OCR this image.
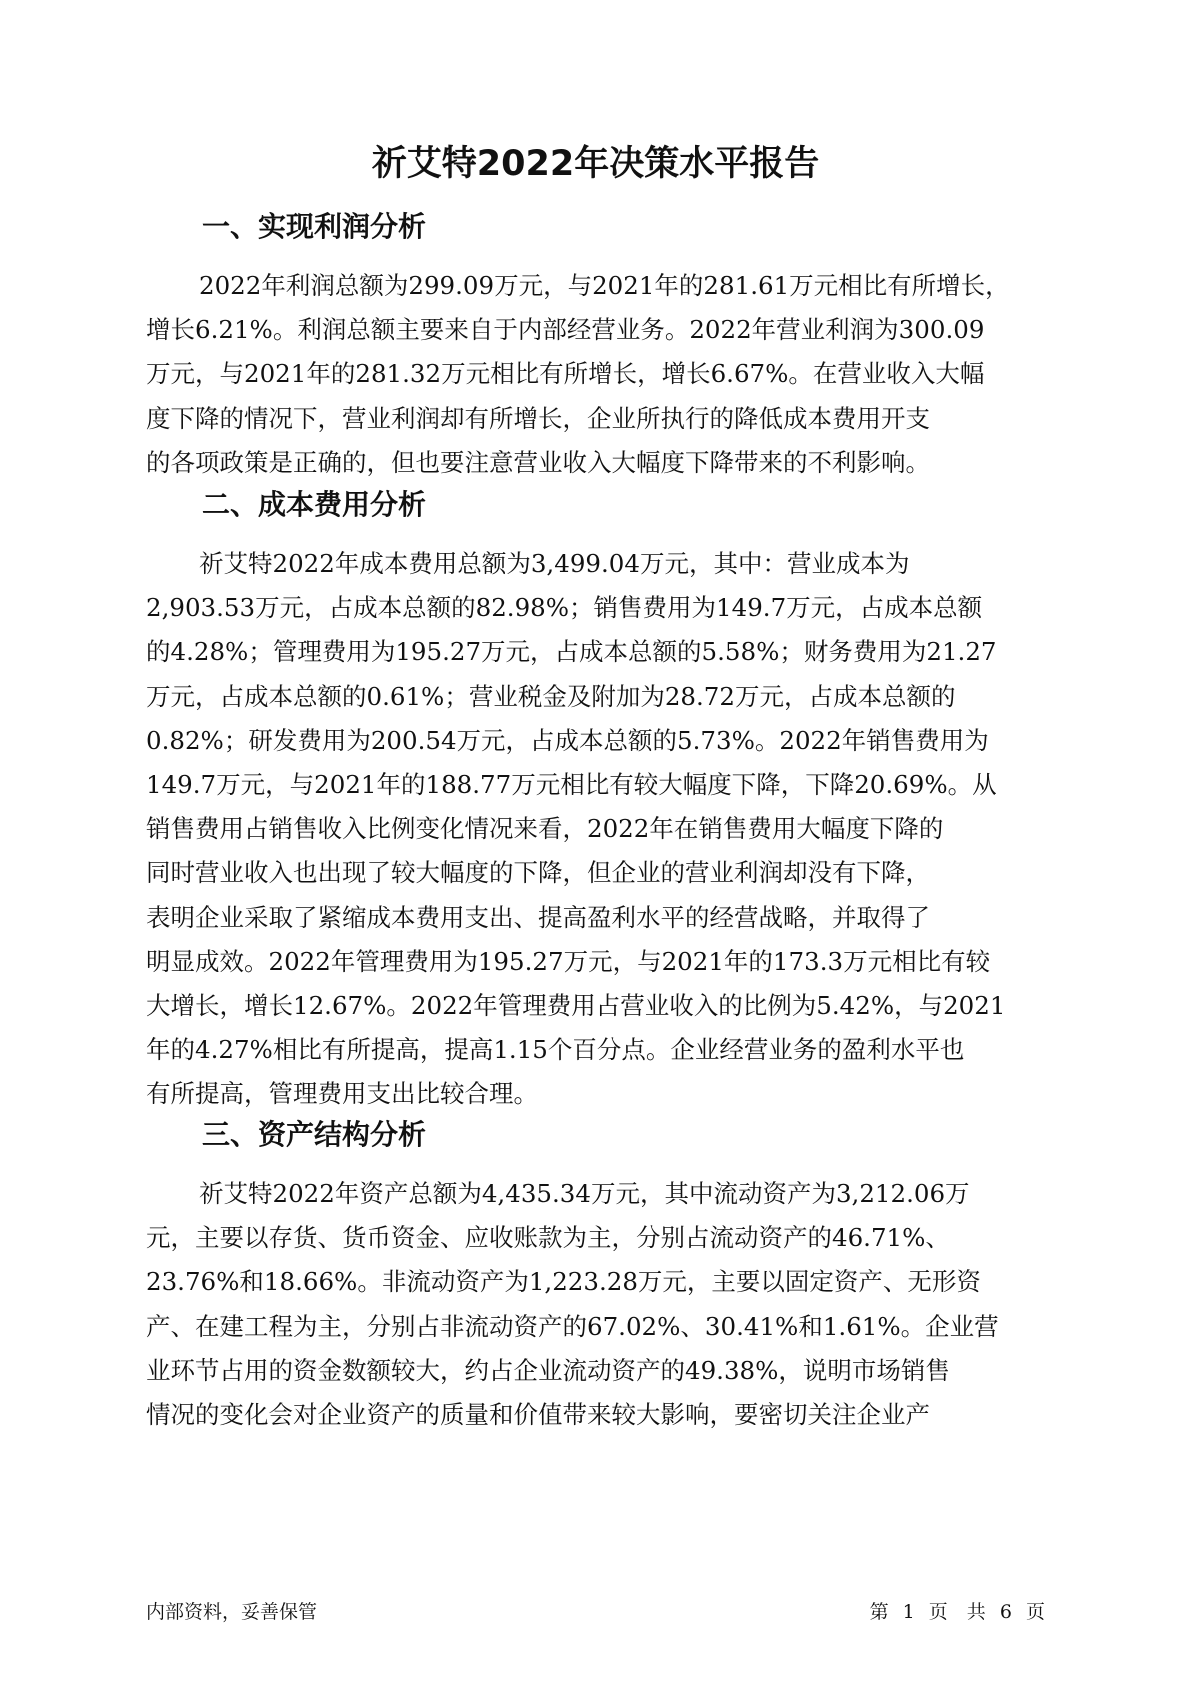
祈艾特2022年决策水平报告
一、实现利润分析
2022年利润总额为299.09万元，与2021年的281.61万元相比有所增长，
增长6.21%。利润总额主要来自于内部经营业务。2022年营业利润为300.09
万元，与2021年的281.32万元相比有所增长，增长6.67%。在营业收入大幅
度下降的情况下，营业利润却有所增长，企业所执行的降低成本费用开支
的各项政策是正确的，但也要注意营业收入大幅度下降带来的不利影响。
二、成本费用分析
祈艾特2022年成本费用总额为3,499.04万元，其中：营业成本为
2,903.53万元，占成本总额的82.98%；销售费用为149.7万元，占成本总额
的4.28%；管理费用为195.27万元，占成本总额的5.58%；财务费用为21.27
万元，占成本总额的0.61%；营业税金及附加为28.72万元，占成本总额的
0.82%；研发费用为200.54万元，占成本总额的5.73%。2022年销售费用为
149.7万元，与2021年的188.77万元相比有较大幅度下降，下降20.69%。从
销售费用占销售收入比例变化情况来看，2022年在销售费用大幅度下降的
同时营业收入也出现了较大幅度的下降，但企业的营业利润却没有下降，
表明企业采取了紧缩成本费用支出、提高盈利水平的经营战略，并取得了
明显成效。2022年管理费用为195.27万元，与2021年的173.3万元相比有较
大增长，增长12.67%。2022年管理费用占营业收入的比例为5.42%，与2021
年的4.27%相比有所提高，提高1.15个百分点。企业经营业务的盈利水平也
有所提高，管理费用支出比较合理。
三、资产结构分析
祈艾特2022年资产总额为4,435.34万元，其中流动资产为3,212.06万
元，主要以存货、货币资金、应收账款为主，分别占流动资产的46.71%、
23.76%和18.66%。非流动资产为1,223.28万元，主要以固定资产、无形资
产、在建工程为主，分别占非流动资产的67.02%、30.41%和1.61%。企业营
业环节占用的资金数额较大，约占企业流动资产的49.38%，说明市场销售
情况的变化会对企业资产的质量和价值带来较大影响，要密切关注企业产
内部资料，妥善保管	第 1 页　共 6 页
